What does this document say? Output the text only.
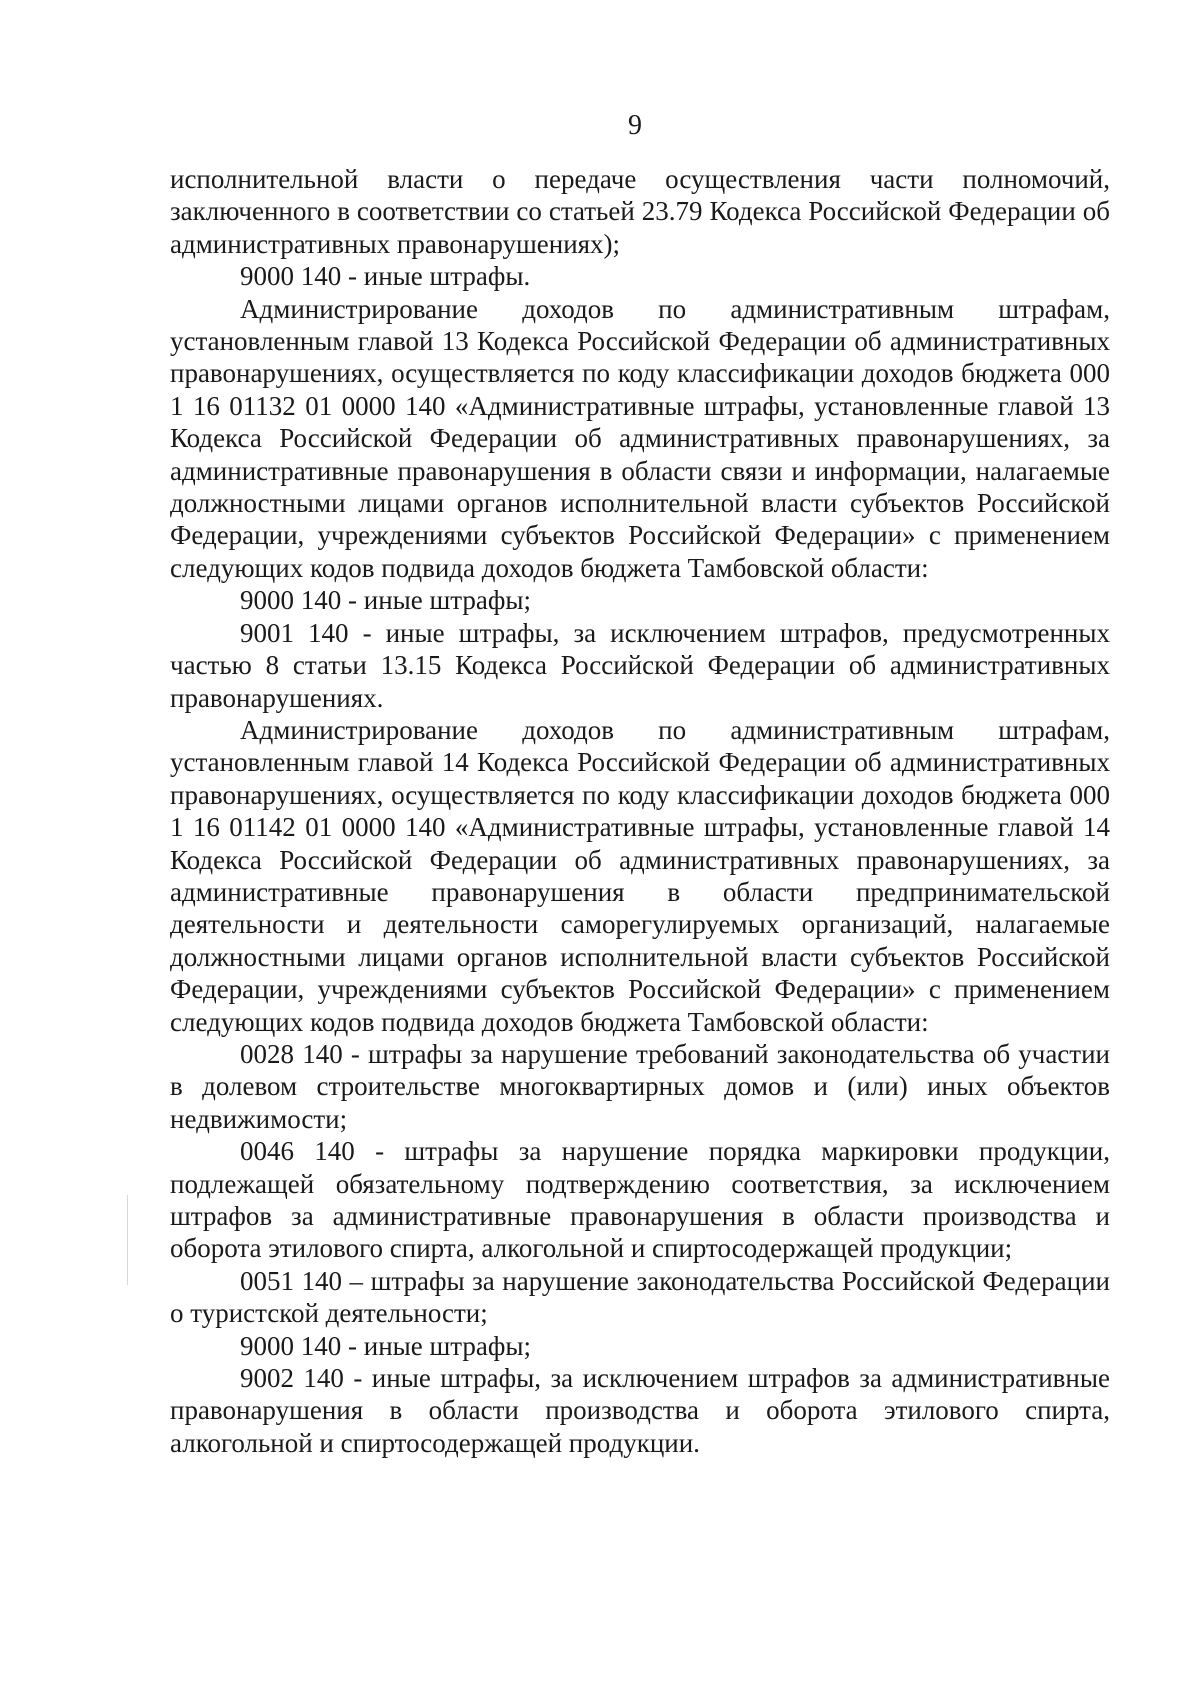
9

исполнительной власти о передаче осуществления части полномочий, заключенного в соответствии со статьей 23.79 Кодекса Российской Федерации об административных правонарушениях);

9000 140 - иные штрафы.

Администрирование доходов по административным штрафам, установленным главой 13 Кодекса Российской Федерации об административных правонарушениях, осуществляется по коду классификации доходов бюджета 000 1 16 01132 01 0000 140 «Административные штрафы, установленные главой 13 Кодекса Российской Федерации об административных правонарушениях, за административные правонарушения в области связи и информации, налагаемые должностными лицами органов исполнительной власти субъектов Российской Федерации, учреждениями субъектов Российской Федерации» с применением следующих кодов подвида доходов бюджета Тамбовской области:

9000 140 - иные штрафы;

9001 140 - иные штрафы, за исключением штрафов, предусмотренных частью 8 статьи 13.15 Кодекса Российской Федерации об административных правонарушениях.

Администрирование доходов по административным штрафам, установленным главой 14 Кодекса Российской Федерации об административных правонарушениях, осуществляется по коду классификации доходов бюджета 000 1 16 01142 01 0000 140 «Административные штрафы, установленные главой 14 Кодекса Российской Федерации об административных правонарушениях, за административные правонарушения в области предпринимательской деятельности и деятельности саморегулируемых организаций, налагаемые должностными лицами органов исполнительной власти субъектов Российской Федерации, учреждениями субъектов Российской Федерации» с применением следующих кодов подвида доходов бюджета Тамбовской области:

0028 140 - штрафы за нарушение требований законодательства об участии в долевом строительстве многоквартирных домов и (или) иных объектов недвижимости;

0046 140 - штрафы за нарушение порядка маркировки продукции, подлежащей обязательному подтверждению соответствия, за исключением штрафов за административные правонарушения в области производства и оборота этилового спирта, алкогольной и спиртосодержащей продукции;

0051 140 – штрафы за нарушение законодательства Российской Федерации о туристской деятельности;

9000 140 - иные штрафы;

9002 140 - иные штрафы, за исключением штрафов за административные правонарушения в области производства и оборота этилового спирта, алкогольной и спиртосодержащей продукции.
